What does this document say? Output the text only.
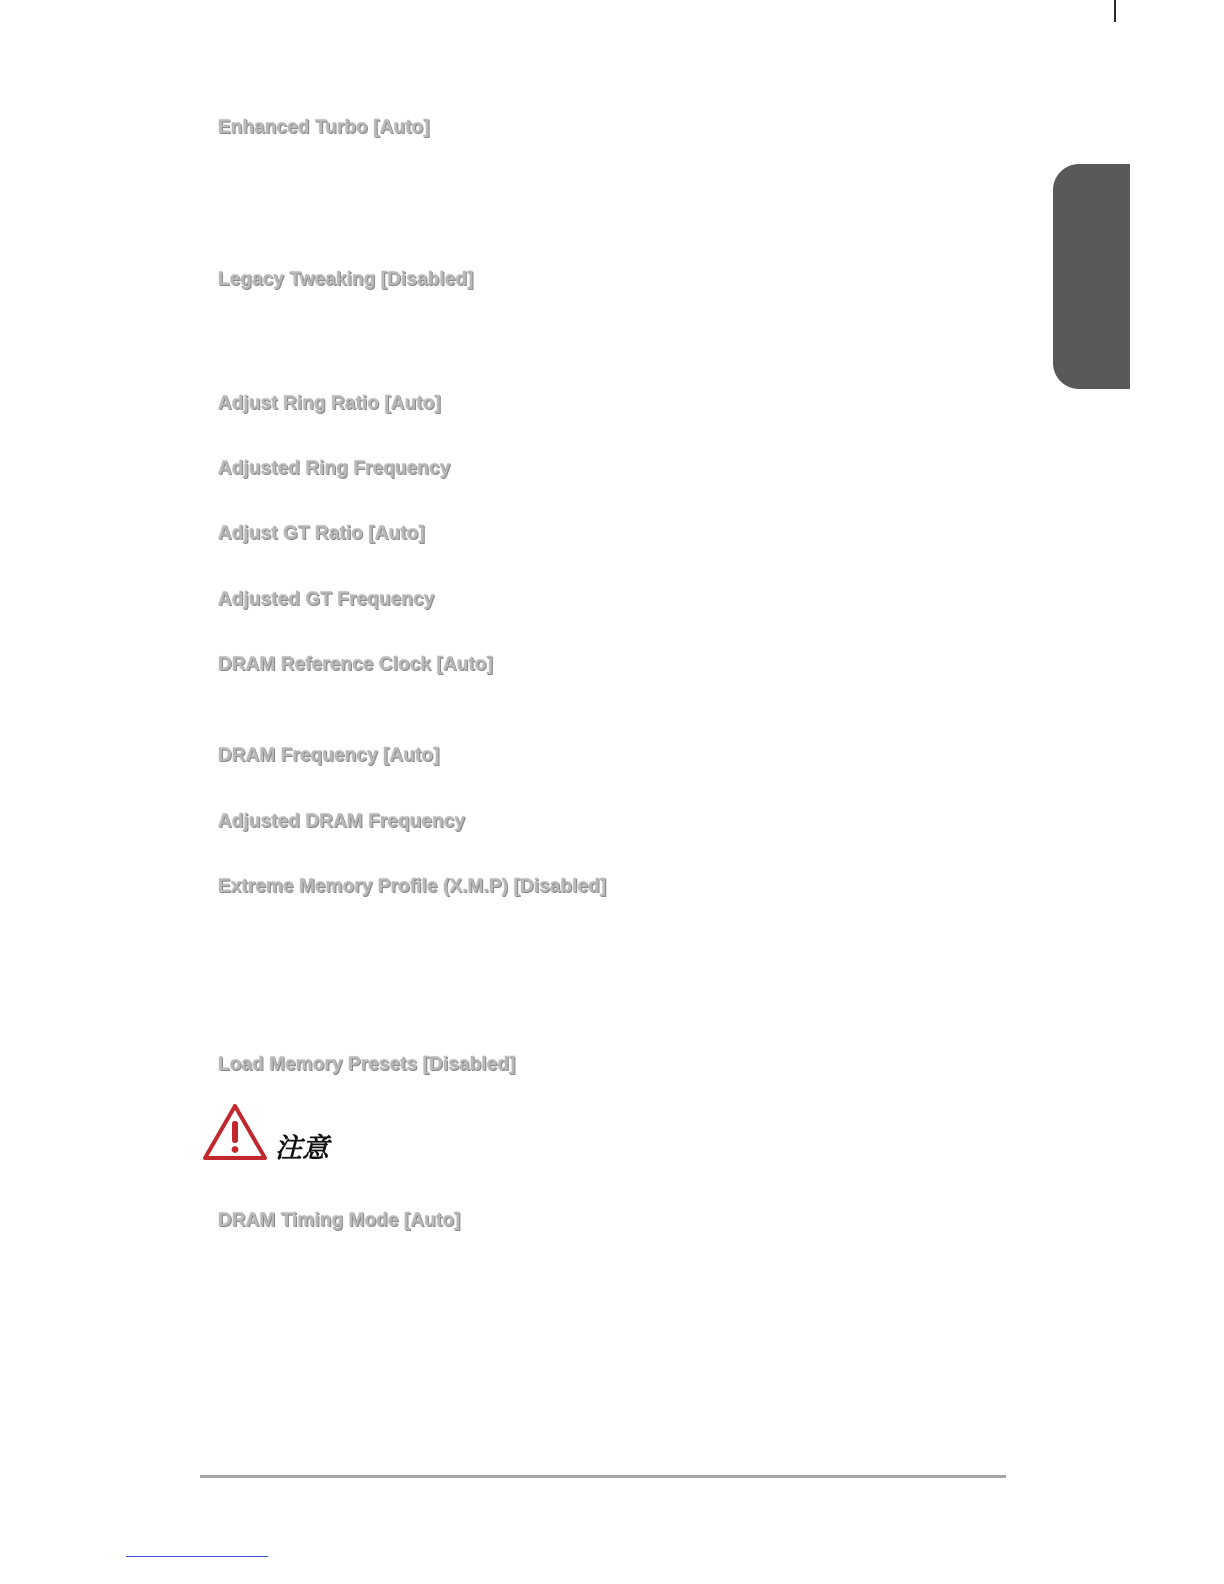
Enhanced Turbo [Auto]

Legacy Tweaking [Disabled]

Adjust Ring Ratio [Auto]

Adjusted Ring Frequency

Adjust GT Ratio [Auto]

Adjusted GT Frequency

DRAM Reference Clock [Auto]

DRAM Frequency [Auto]

Adjusted DRAM Frequency

Extreme Memory Profile (X.M.P) [Disabled]

Load Memory Presets [Disabled]

注意

DRAM Timing Mode [Auto]
